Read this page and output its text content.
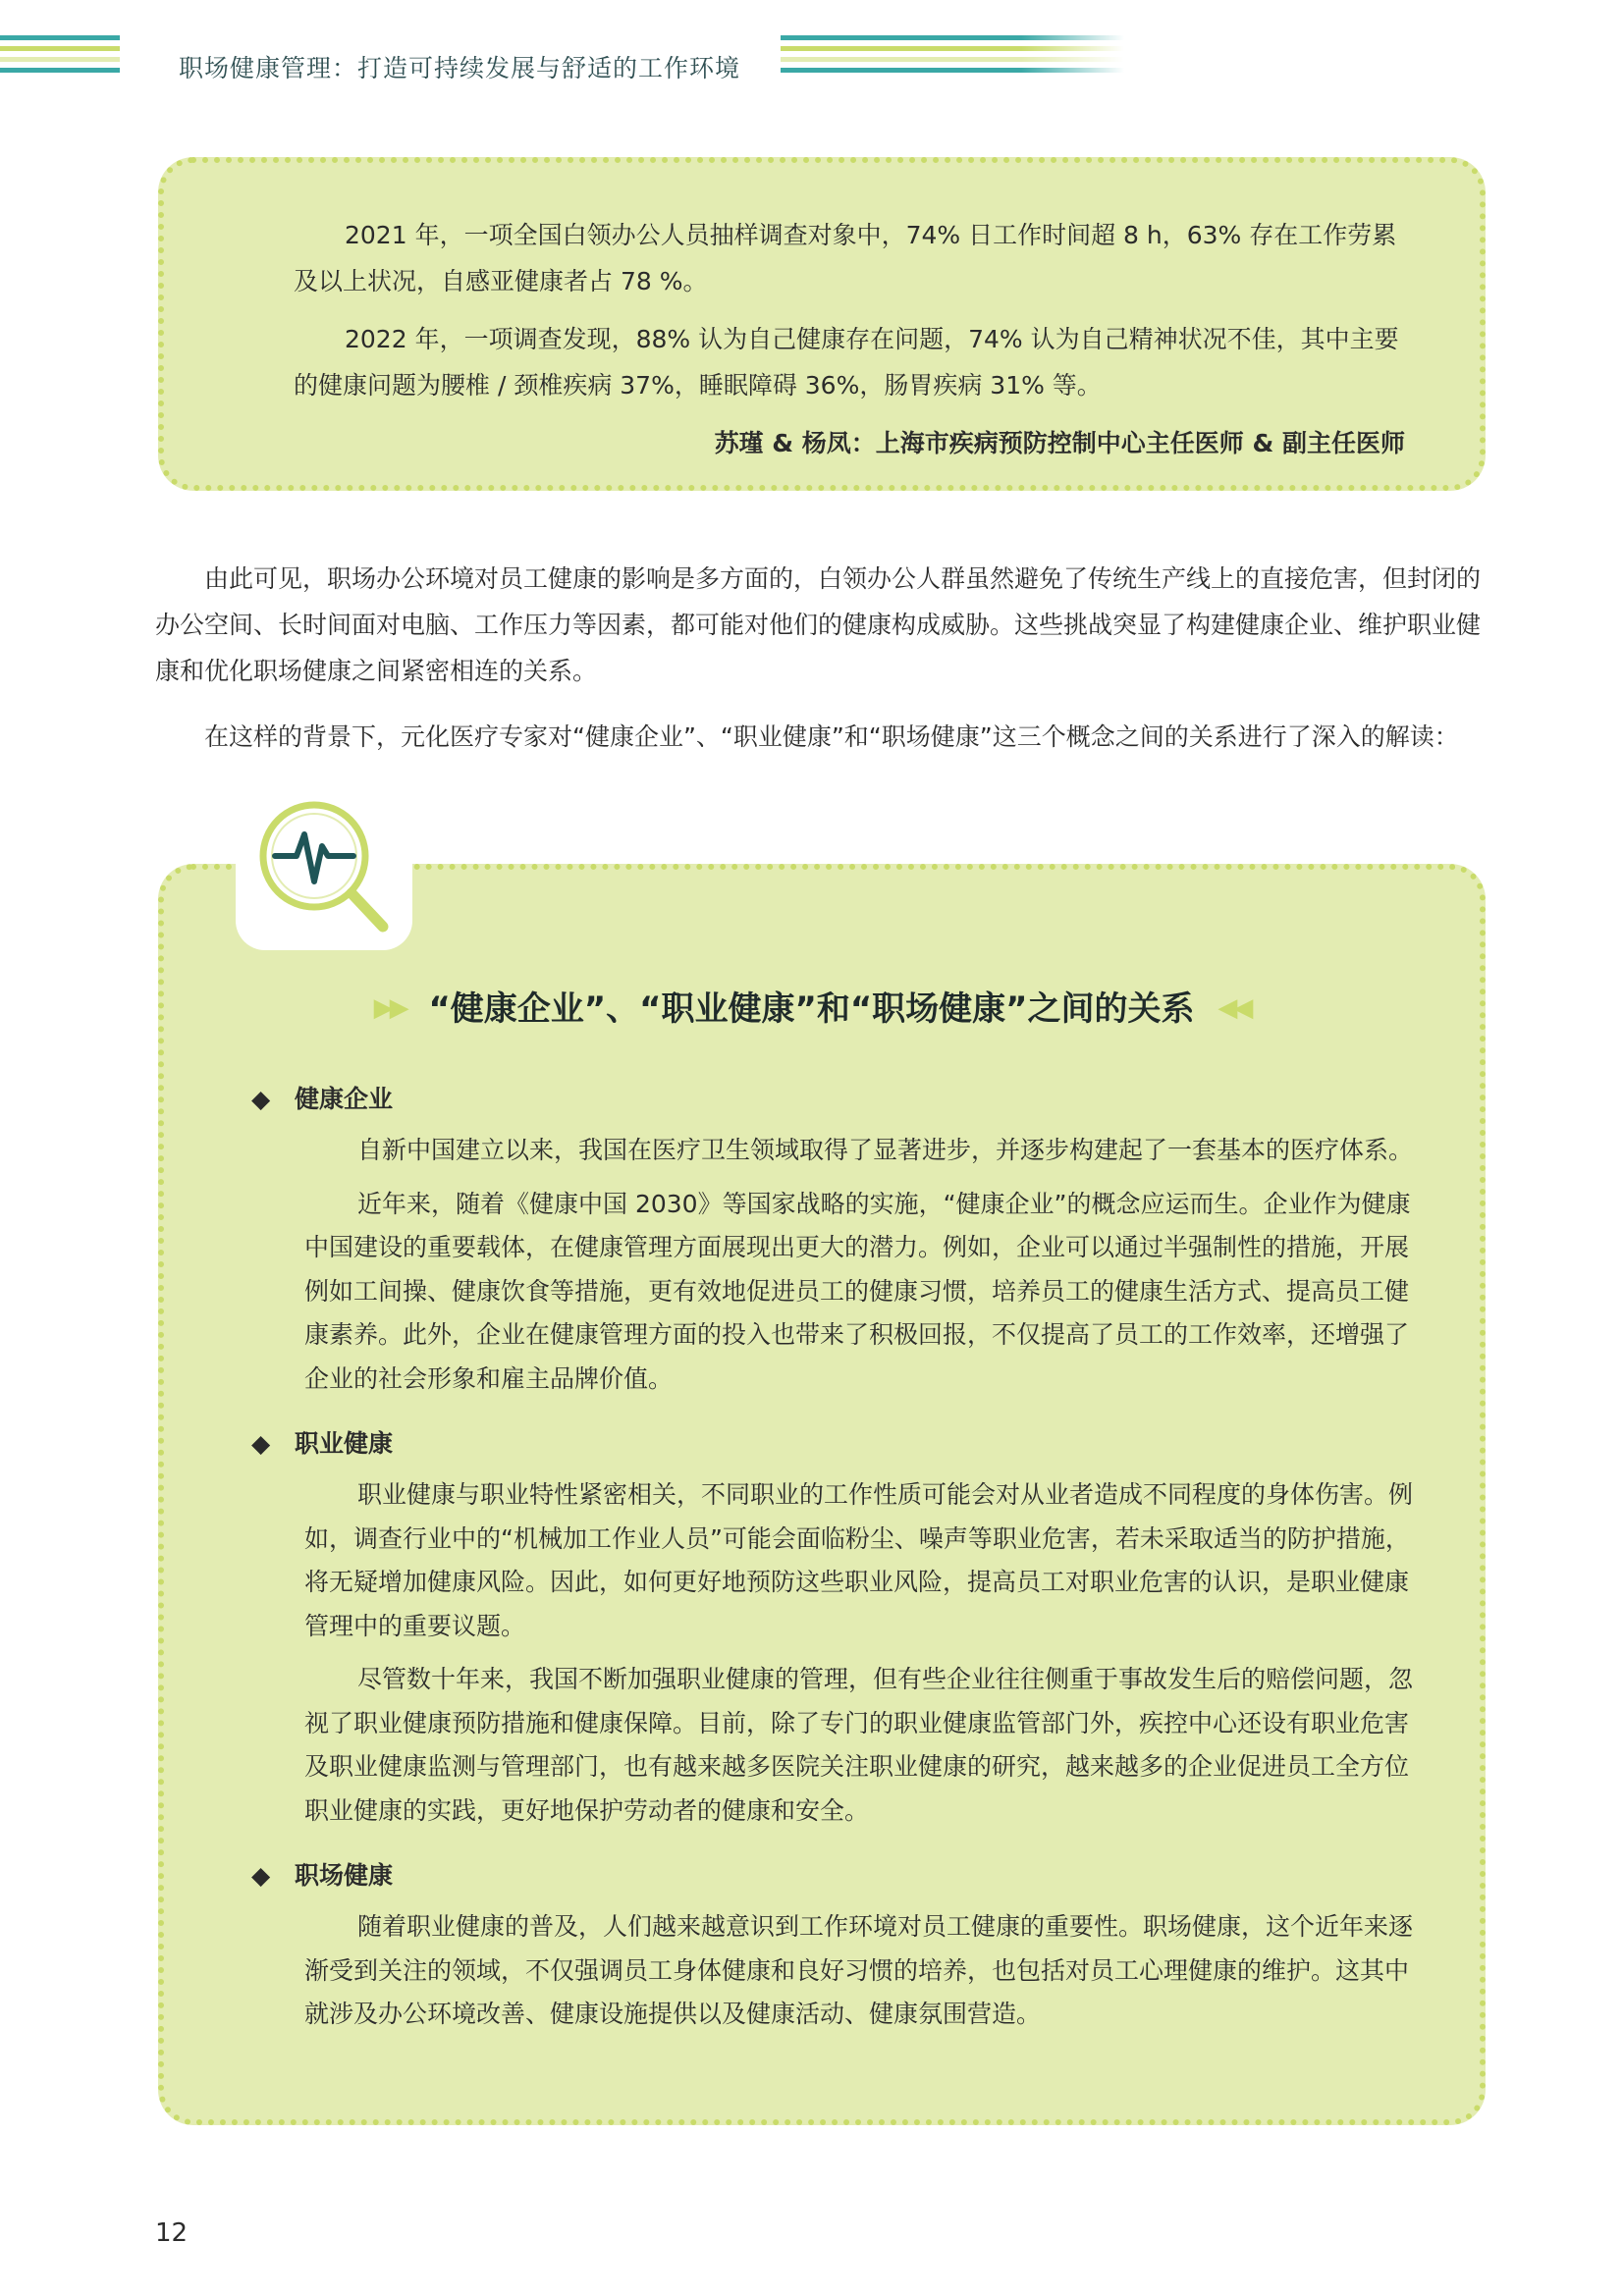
职场健康管理：打造可持续发展与舒适的工作环境

2021 年，一项全国白领办公人员抽样调查对象中，74% 日工作时间超 8 h，63% 存在工作劳累及以上状况，自感亚健康者占 78 %。

2022 年，一项调查发现，88% 认为自己健康存在问题，74% 认为自己精神状况不佳，其中主要的健康问题为腰椎 / 颈椎疾病 37%，睡眠障碍 36%，肠胃疾病 31% 等。

苏瑾 & 杨凤：上海市疾病预防控制中心主任医师 & 副主任医师

由此可见，职场办公环境对员工健康的影响是多方面的，白领办公人群虽然避免了传统生产线上的直接危害，但封闭的办公空间、长时间面对电脑、工作压力等因素，都可能对他们的健康构成威胁。这些挑战突显了构建健康企业、维护职业健康和优化职场健康之间紧密相连的关系。

在这样的背景下，元化医疗专家对“健康企业”、“职业健康”和“职场健康”这三个概念之间的关系进行了深入的解读：

▶▶ “健康企业”、“职业健康”和“职场健康”之间的关系 ◀◀
◆ 健康企业

自新中国建立以来，我国在医疗卫生领域取得了显著进步，并逐步构建起了一套基本的医疗体系。

近年来，随着《健康中国 2030》等国家战略的实施，“健康企业”的概念应运而生。企业作为健康中国建设的重要载体，在健康管理方面展现出更大的潜力。例如，企业可以通过半强制性的措施，开展例如工间操、健康饮食等措施，更有效地促进员工的健康习惯，培养员工的健康生活方式、提高员工健康素养。此外，企业在健康管理方面的投入也带来了积极回报，不仅提高了员工的工作效率，还增强了企业的社会形象和雇主品牌价值。

◆ 职业健康

职业健康与职业特性紧密相关，不同职业的工作性质可能会对从业者造成不同程度的身体伤害。例如，调查行业中的“机械加工作业人员”可能会面临粉尘、噪声等职业危害，若未采取适当的防护措施，将无疑增加健康风险。因此，如何更好地预防这些职业风险，提高员工对职业危害的认识，是职业健康管理中的重要议题。

尽管数十年来，我国不断加强职业健康的管理，但有些企业往往侧重于事故发生后的赔偿问题，忽视了职业健康预防措施和健康保障。目前，除了专门的职业健康监管部门外，疾控中心还设有职业危害及职业健康监测与管理部门，也有越来越多医院关注职业健康的研究，越来越多的企业促进员工全方位职业健康的实践，更好地保护劳动者的健康和安全。

◆ 职场健康

随着职业健康的普及，人们越来越意识到工作环境对员工健康的重要性。职场健康，这个近年来逐渐受到关注的领域，不仅强调员工身体健康和良好习惯的培养，也包括对员工心理健康的维护。这其中就涉及办公环境改善、健康设施提供以及健康活动、健康氛围营造。

12
